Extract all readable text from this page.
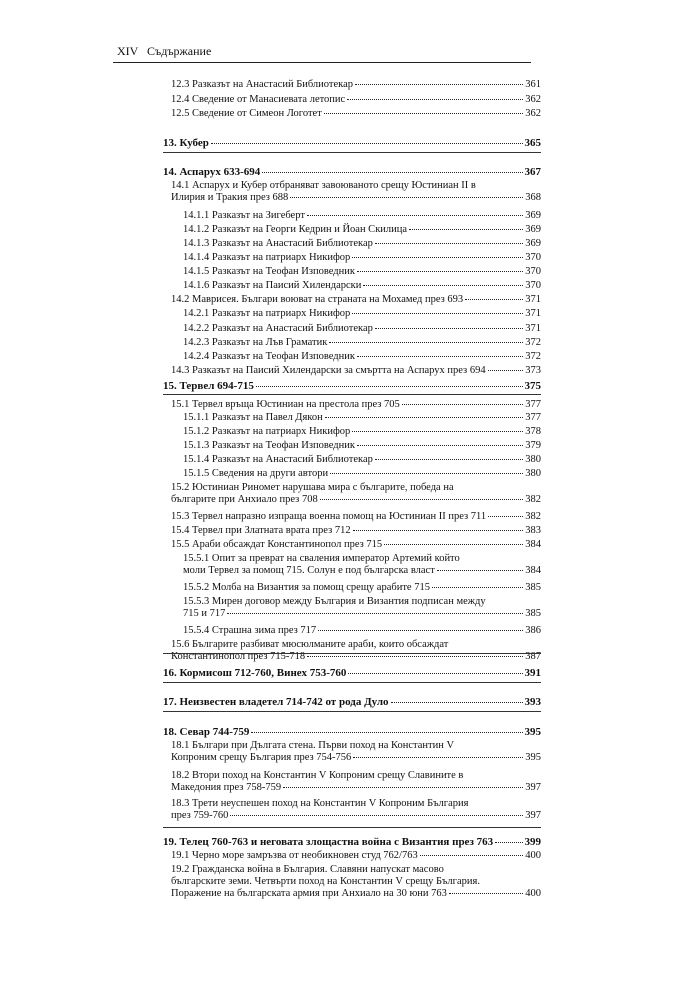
XIV Съдържание
12.3 Разказът на Анастасий Библиотекар	361
12.4 Сведение от Манасиевата летопис	362
12.5 Сведение от Симеон Логотет	362
13. Кубер	365
14. Аспарух 633-694	367
14.1 Аспарух и Кубер отбраняват завоюваното срещу Юстиниан II в
Илирия и Тракия през 688	368
14.1.1 Разказът на Зигеберт	369
14.1.2 Разказът на Георги Кедрин и Йоан Скилица	369
14.1.3 Разказът на Анастасий Библиотекар	369
14.1.4 Разказът на патриарх Никифор	370
14.1.5 Разказът на Теофан Изповедник	370
14.1.6 Разказът на Паисий Хилендарски	370
14.2 Маврисея. Българи воюват на страната на Мохамед през 693	371
14.2.1 Разказът на патриарх Никифор	371
14.2.2 Разказът на Анастасий Библиотекар	371
14.2.3 Разказът на Лъв Граматик	372
14.2.4 Разказът на Теофан Изповедник	372
14.3 Разказът на Паисий Хилендарски за смъртта на Аспарух през 694	373
15. Тервел 694-715	375
15.1 Тервел връща Юстиниан на престола през 705	377
15.1.1 Разказът на Павел Дякон	377
15.1.2 Разказът на патриарх Никифор	378
15.1.3 Разказът на Теофан Изповедник	379
15.1.4 Разказът на Анастасий Библиотекар	380
15.1.5 Сведения на други автори	380
15.2 Юстиниан Риномет нарушава мира с българите, победа на
българите при Анхиало през 708	382
15.3 Тервел напразно изпраща военна помощ на Юстиниан II през 711	382
15.4 Тервел при Златната врата през 712	383
15.5 Араби обсаждат Константинопол през 715	384
15.5.1 Опит за преврат на сваления император Артемий който
моли Тервел за помощ 715. Солун е под българска власт	384
15.5.2 Молба на Византия за помощ срещу арабите 715	385
15.5.3 Мирен договор между България и Византия подписан между
715 и 717	385
15.5.4 Страшна зима през 717	386
15.6 Българите разбиват мюсюлманите араби, които обсаждат
Константинопол през 715-718	387
16. Кормисош 712-760, Винех 753-760	391
17. Неизвестен владетел 714-742 от рода Дуло	393
18. Севар 744-759	395
18.1 Българи при Дългата стена. Първи поход на Константин V
Копроним срещу България през 754-756	395
18.2 Втори поход на Константин V Копроним срещу Славините в
Македония през 758-759	397
18.3 Трети неуспешен поход на Константин V Копроним България
през 759-760	397
19. Телец 760-763 и неговата злощастна война с Византия през 763	399
19.1 Черно море замръзва от необикновен студ 762/763	400
19.2 Гражданска война в България. Славяни напускат масово
българските земи. Четвърти поход на Константин V срещу България.
Поражение на българската армия при Анхиало на 30 юни 763	400
